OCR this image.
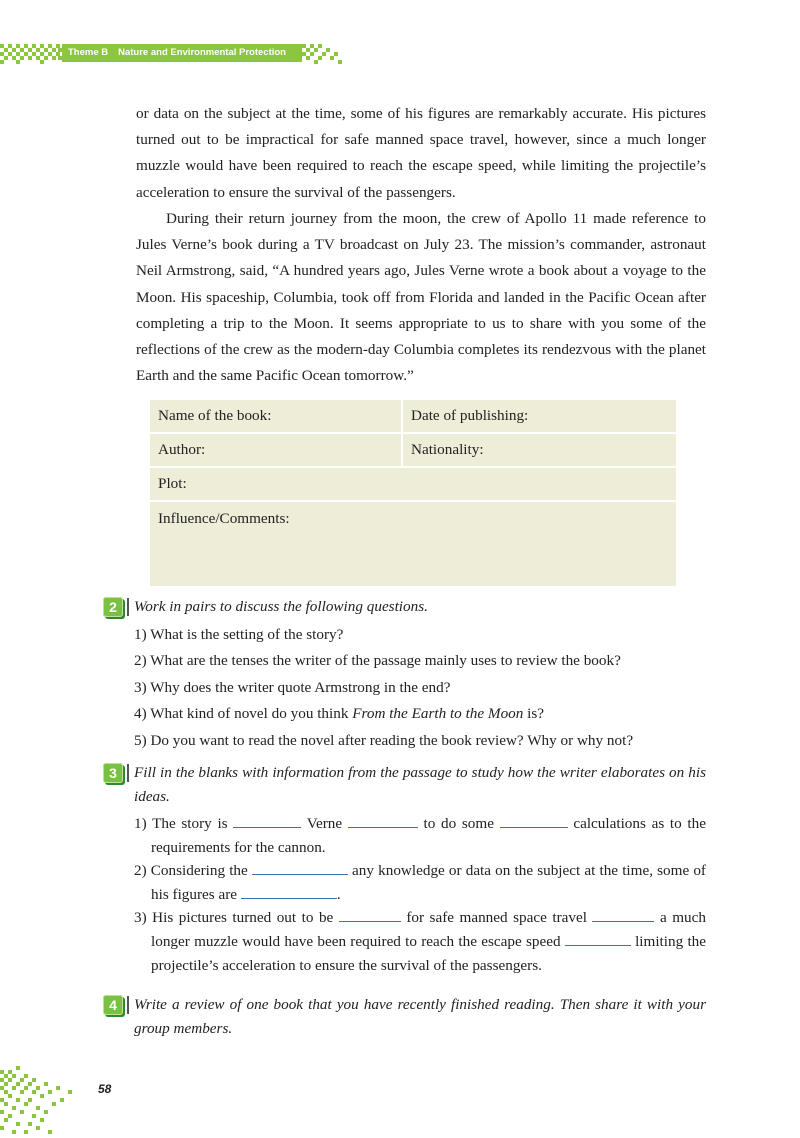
Theme B Nature and Environmental Protection

or data on the subject at the time, some of his figures are remarkably accurate. His pictures turned out to be impractical for safe manned space travel, however, since a much longer muzzle would have been required to reach the escape speed, while limiting the projectile’s acceleration to ensure the survival of the passengers.

During their return journey from the moon, the crew of Apollo 11 made reference to Jules Verne’s book during a TV broadcast on July 23. The mission’s commander, astronaut Neil Armstrong, said, “A hundred years ago, Jules Verne wrote a book about a voyage to the Moon. His spaceship, Columbia, took off from Florida and landed in the Pacific Ocean after completing a trip to the Moon. It seems appropriate to us to share with you some of the reflections of the crew as the modern-day Columbia completes its rendezvous with the planet Earth and the same Pacific Ocean tomorrow.”

Name of the book:	Date of publishing:
Author:	Nationality:
Plot:	
Influence/Comments:	
2	Work in pairs to discuss the following questions.

1) What is the setting of the story?
2) What are the tenses the writer of the passage mainly uses to review the book?
3) Why does the writer quote Armstrong in the end?
4) What kind of novel do you think From the Earth to the Moon is?
5) Do you want to read the novel after reading the book review? Why or why not?
3	Fill in the blanks with information from the passage to study how the writer elaborates on his ideas.

1) The story is	Verne	to do some	calculations as to the requirements for the cannon.
2) Considering the	any knowledge or data on the subject at the time, some of his figures are	.
3) His pictures turned out to be	for safe manned space travel	a much longer muzzle would have been required to reach the escape speed	limiting the projectile’s acceleration to ensure the survival of the passengers.
4	Write a review of one book that you have recently finished reading. Then share it with your group members.

58
